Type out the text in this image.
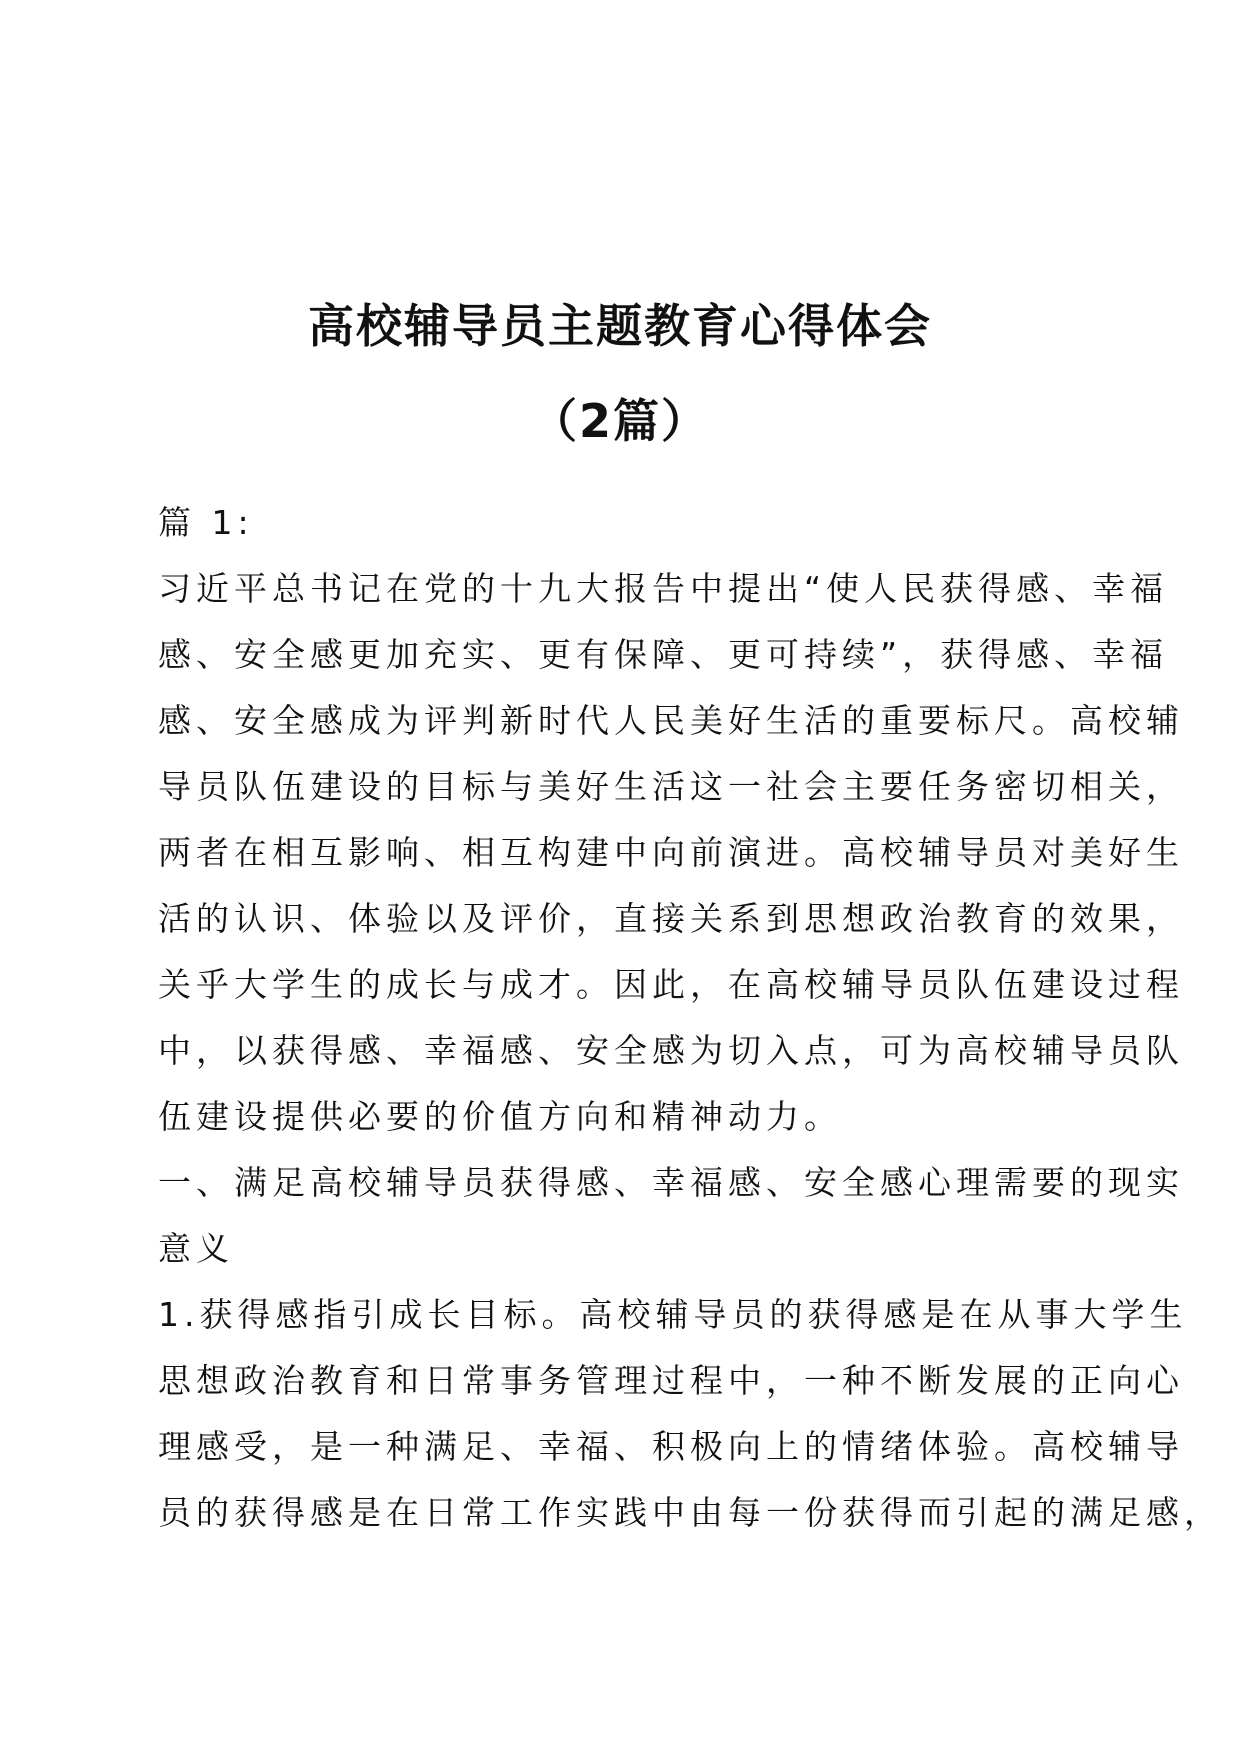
高校辅导员主题教育心得体会
（2篇）
篇 1:
习近平总书记在党的十九大报告中提出“使人民获得感、幸福
感、安全感更加充实、更有保障、更可持续”，获得感、幸福
感、安全感成为评判新时代人民美好生活的重要标尺。高校辅
导员队伍建设的目标与美好生活这一社会主要任务密切相关，
两者在相互影响、相互构建中向前演进。高校辅导员对美好生
活的认识、体验以及评价，直接关系到思想政治教育的效果，
关乎大学生的成长与成才。因此，在高校辅导员队伍建设过程
中，以获得感、幸福感、安全感为切入点，可为高校辅导员队
伍建设提供必要的价值方向和精神动力。
一、满足高校辅导员获得感、幸福感、安全感心理需要的现实
意义
1.获得感指引成长目标。高校辅导员的获得感是在从事大学生
思想政治教育和日常事务管理过程中，一种不断发展的正向心
理感受，是一种满足、幸福、积极向上的情绪体验。高校辅导
员的获得感是在日常工作实践中由每一份获得而引起的满足感，
